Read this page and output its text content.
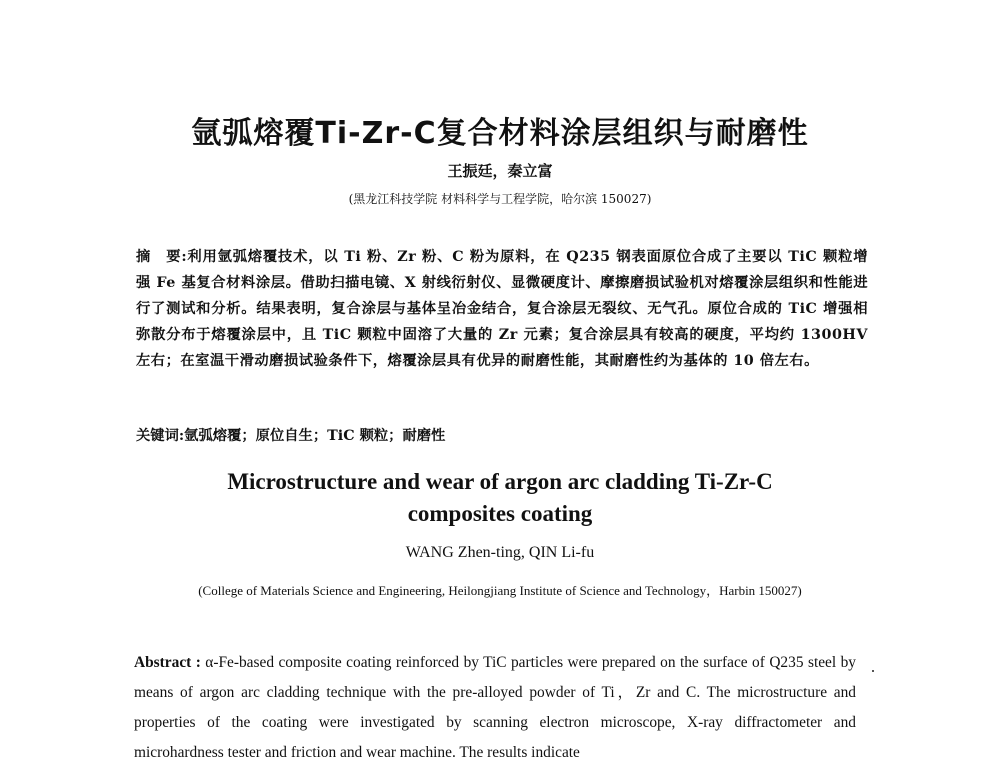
氩弧熔覆Ti-Zr-C复合材料涂层组织与耐磨性
王振廷，秦立富
(黑龙江科技学院 材料科学与工程学院，哈尔滨 150027)

摘　要:利用氩弧熔覆技术，以 Ti 粉、Zr 粉、C 粉为原料，在 Q235 钢表面原位合成了主要以 TiC 颗粒增强 Fe 基复合材料涂层。借助扫描电镜、X 射线衍射仪、显微硬度计、摩擦磨损试验机对熔覆涂层组织和性能进行了测试和分析。结果表明，复合涂层与基体呈冶金结合，复合涂层无裂纹、无气孔。原位合成的 TiC 增强相弥散分布于熔覆涂层中，且 TiC 颗粒中固溶了大量的 Zr 元素；复合涂层具有较高的硬度，平均约 1300HV 左右；在室温干滑动磨损试验条件下，熔覆涂层具有优异的耐磨性能，其耐磨性约为基体的 10 倍左右。

关键词:氩弧熔覆；原位自生；TiC 颗粒；耐磨性
Microstructure and wear of argon arc cladding Ti-Zr-C composites coating
WANG Zhen-ting, QIN Li-fu
(College of Materials Science and Engineering, Heilongjiang Institute of Science and Technology，Harbin 150027)

Abstract : α-Fe-based composite coating reinforced by TiC particles were prepared on the surface of Q235 steel by means of argon arc cladding technique with the pre-alloyed powder of Ti，Zr and C. The microstructure and properties of the coating were investigated by scanning electron microscope, X-ray diffractometer and microhardness tester and friction and wear machine. The results indicate
